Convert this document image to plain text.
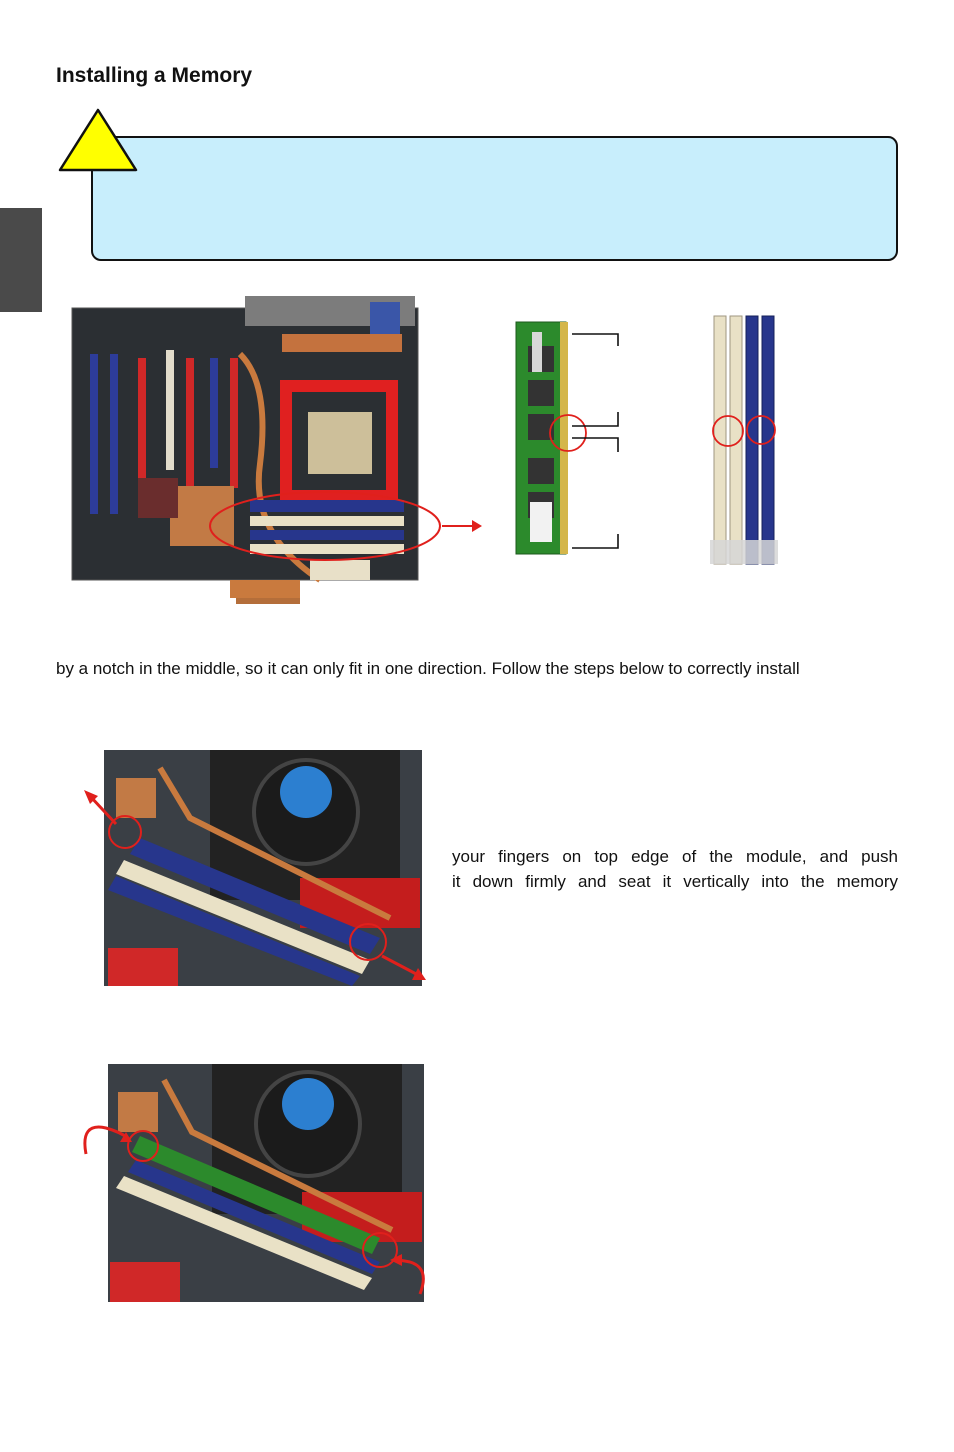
Installing a Memory
by a notch in the middle, so it can only fit in one direction. Follow the steps below to correctly install
your fingers on top edge of the module, and push
it down firmly and seat it vertically into the memory
